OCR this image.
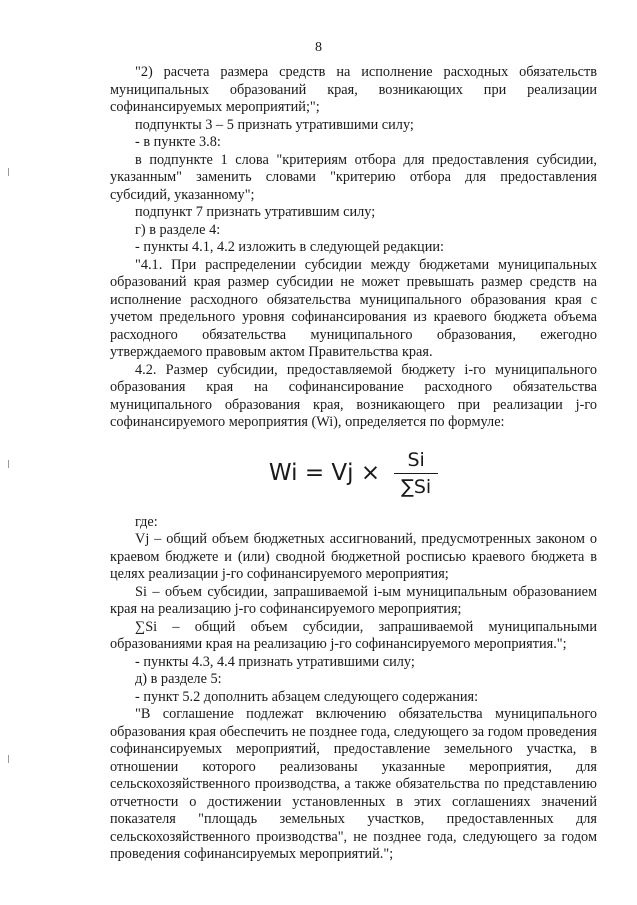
8

"2) расчета размера средств на исполнение расходных обязательств муниципальных образований края, возникающих при реализации софинансируемых мероприятий;";

подпункты 3 – 5 признать утратившими силу;

- в пункте 3.8:

в подпункте 1 слова "критериям отбора для предоставления субсидии, указанным" заменить словами "критерию отбора для предоставления субсидий, указанному";

подпункт 7 признать утратившим силу;

г) в разделе 4:

- пункты 4.1, 4.2 изложить в следующей редакции:

"4.1. При распределении субсидии между бюджетами муниципальных образований края размер субсидии не может превышать размер средств на исполнение расходного обязательства муниципального образования края с учетом предельного уровня софинансирования из краевого бюджета объема расходного обязательства муниципального образования, ежегодно утверждаемого правовым актом Правительства края.

4.2. Размер субсидии, предоставляемой бюджету i-го муниципального образования края на софинансирование расходного обязательства муниципального образования края, возникающего при реализации j-го софинансируемого мероприятия (Wi), определяется по формуле:

$Wi = Vj \times \frac{Si}{\sum Si}$

где:

Vj – общий объем бюджетных ассигнований, предусмотренных законом о краевом бюджете и (или) сводной бюджетной росписью краевого бюджета в целях реализации j-го софинансируемого мероприятия;

Si – объем субсидии, запрашиваемой i-ым муниципальным образованием края на реализацию j-го софинансируемого мероприятия;

∑Si – общий объем субсидии, запрашиваемой муниципальными образованиями края на реализацию j-го софинансируемого мероприятия.";

- пункты 4.3, 4.4 признать утратившими силу;

д) в разделе 5:

- пункт 5.2 дополнить абзацем следующего содержания:

"В соглашение подлежат включению обязательства муниципального образования края обеспечить не позднее года, следующего за годом проведения софинансируемых мероприятий, предоставление земельного участка, в отношении которого реализованы указанные мероприятия, для сельскохозяйственного производства, а также обязательства по представлению отчетности о достижении установленных в этих соглашениях значений показателя "площадь земельных участков, предоставленных для сельскохозяйственного производства", не позднее года, следующего за годом проведения софинансируемых мероприятий.";
